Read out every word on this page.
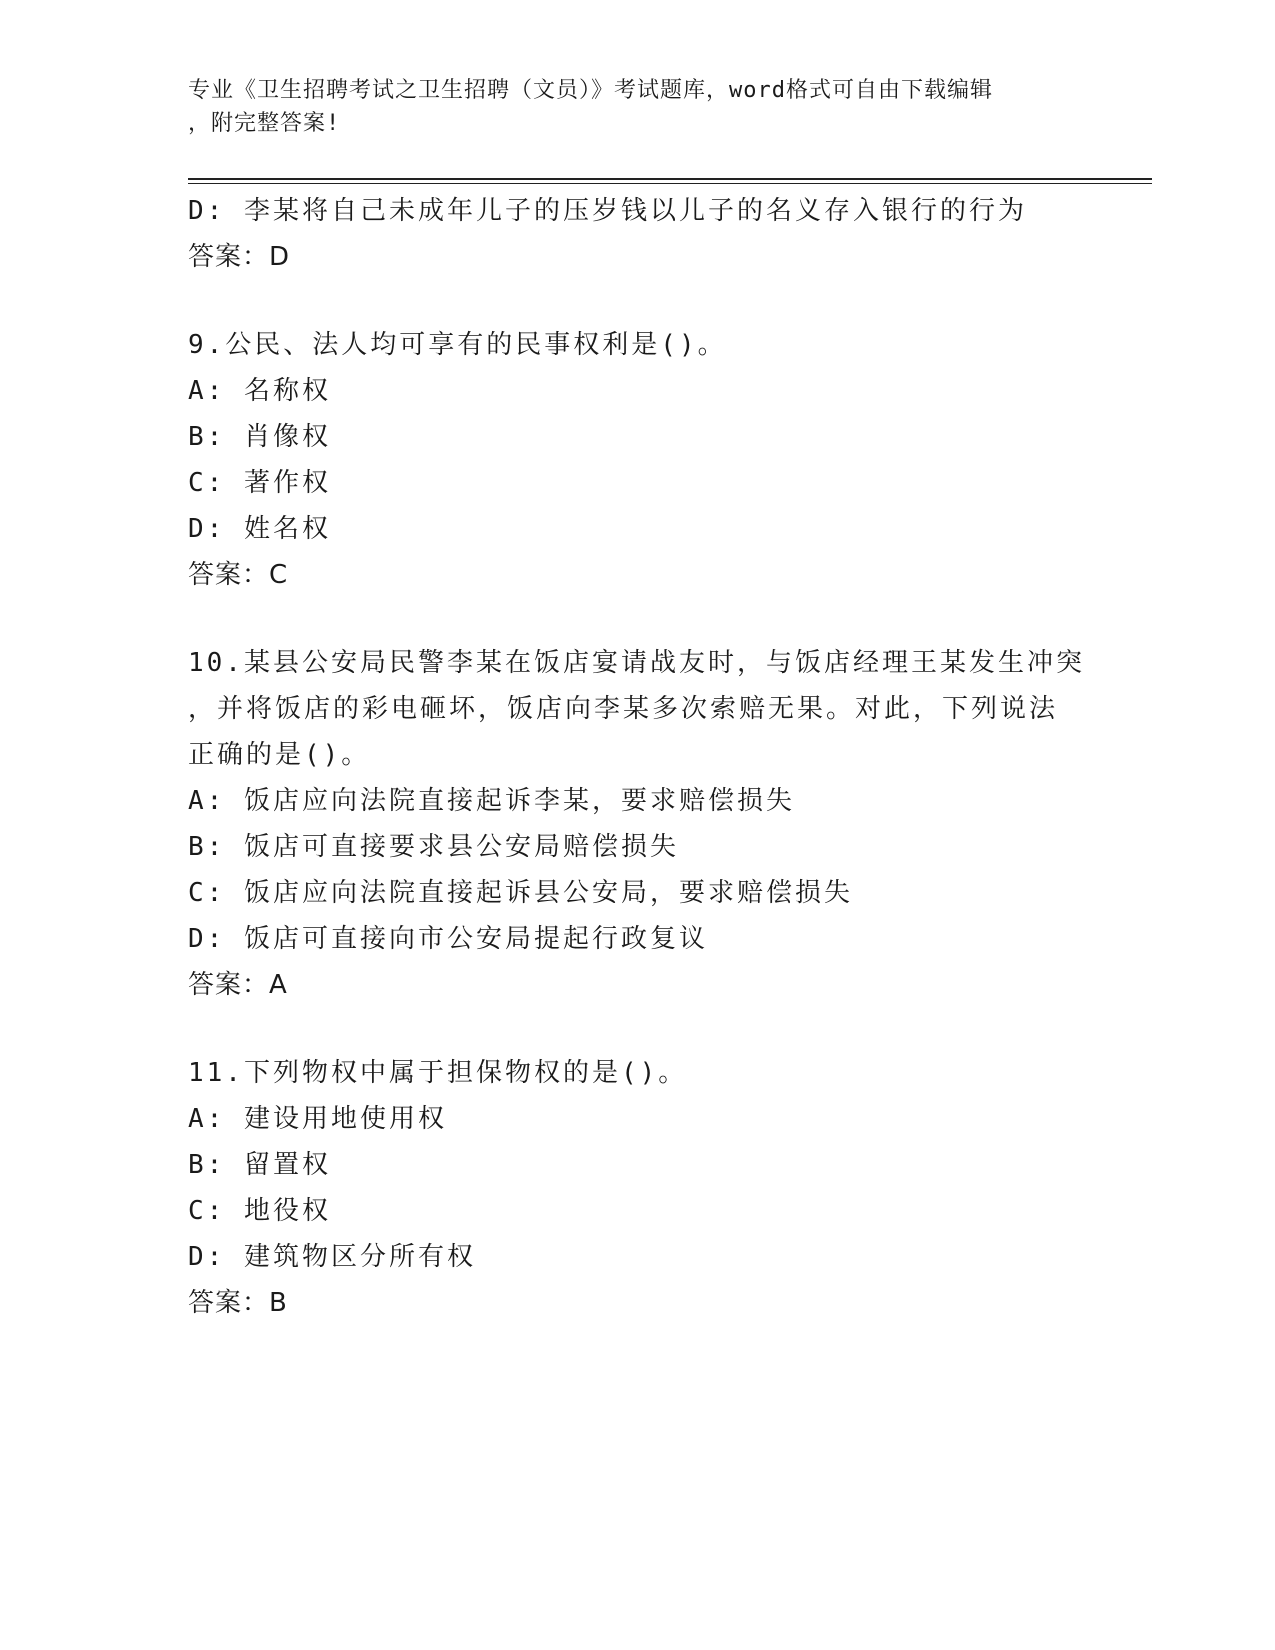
专业《卫生招聘考试之卫生招聘（文员）》考试题库，word格式可自由下载编辑
，附完整答案!
D: 李某将自己未成年儿子的压岁钱以儿子的名义存入银行的行为
答案：D
9.公民、法人均可享有的民事权利是()。
A: 名称权
B: 肖像权
C: 著作权
D: 姓名权
答案：C
10.某县公安局民警李某在饭店宴请战友时，与饭店经理王某发生冲突
，并将饭店的彩电砸坏，饭店向李某多次索赔无果。对此，下列说法
正确的是()。
A: 饭店应向法院直接起诉李某，要求赔偿损失
B: 饭店可直接要求县公安局赔偿损失
C: 饭店应向法院直接起诉县公安局，要求赔偿损失
D: 饭店可直接向市公安局提起行政复议
答案：A
11.下列物权中属于担保物权的是()。
A: 建设用地使用权
B: 留置权
C: 地役权
D: 建筑物区分所有权
答案：B
